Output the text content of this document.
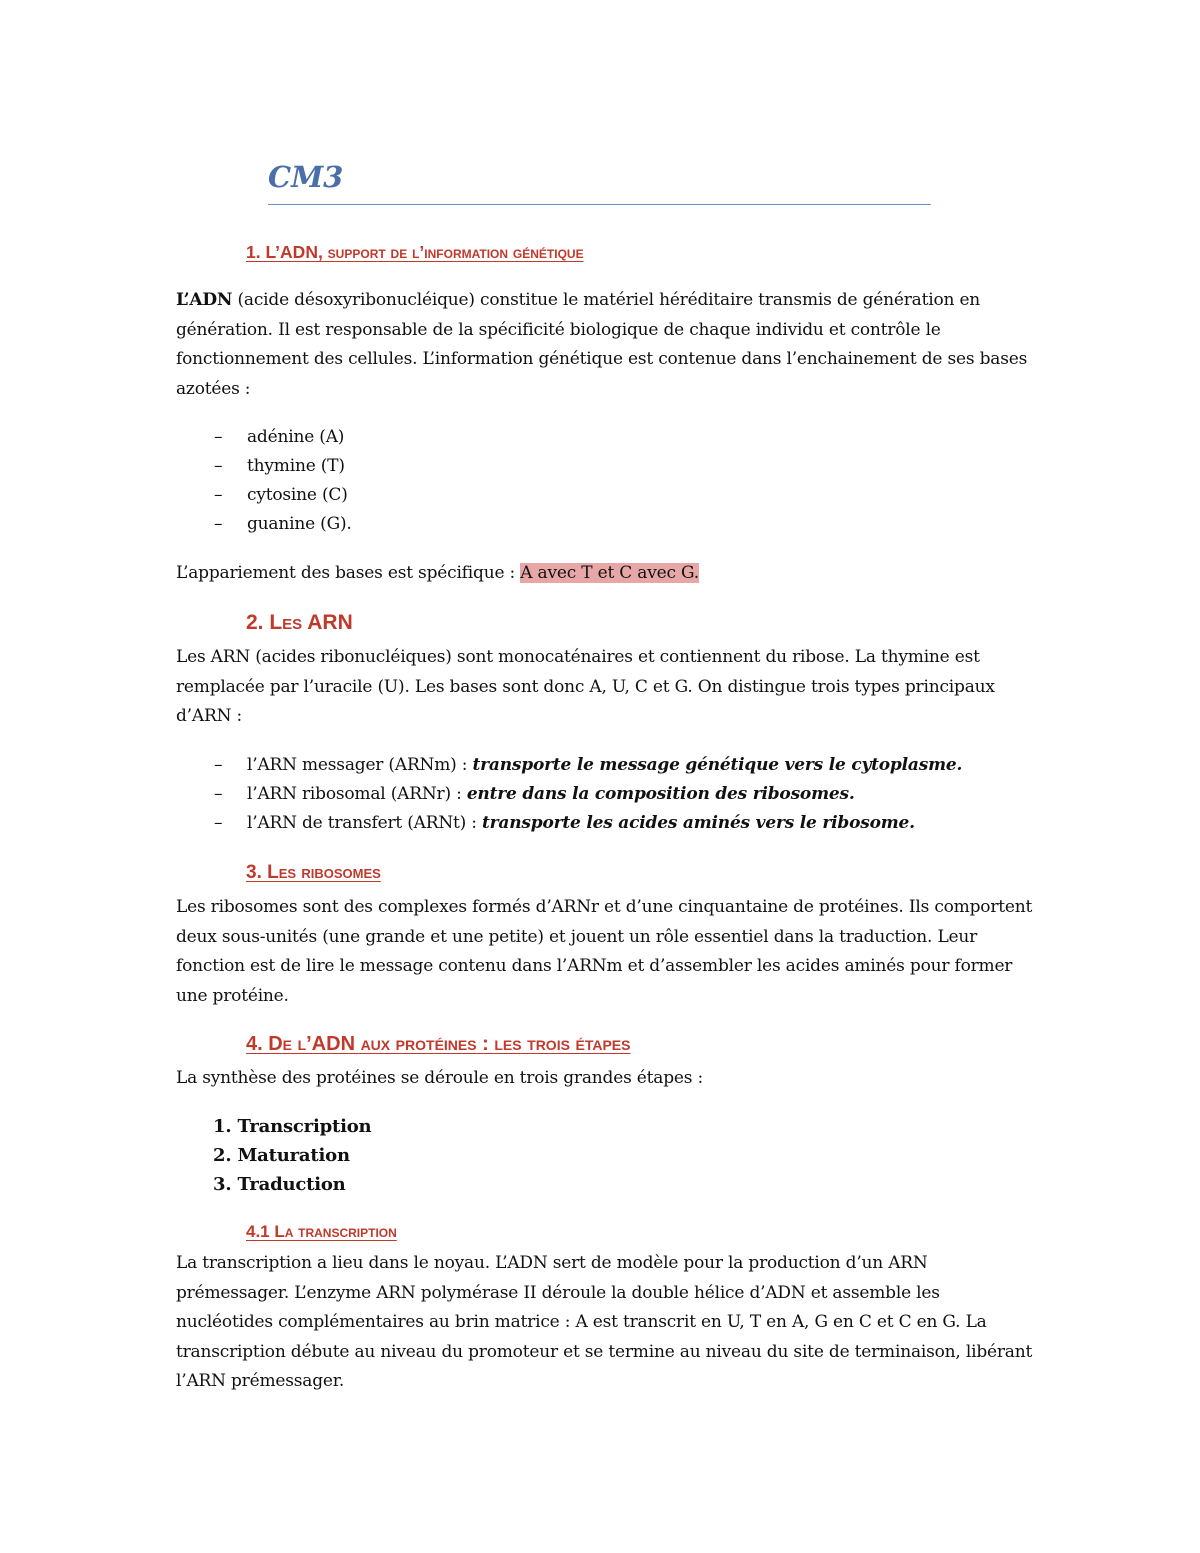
CM3
1. L’ADN, support de l’information génétique

L’ADN (acide désoxyribonucléique) constitue le matériel héréditaire transmis de génération en génération. Il est responsable de la spécificité biologique de chaque individu et contrôle le fonctionnement des cellules. L’information génétique est contenue dans l’enchainement de ses bases azotées :

– adénine (A)
– thymine (T)
– cytosine (C)
– guanine (G).

L’appariement des bases est spécifique : A avec T et C avec G.

2. Les ARN

Les ARN (acides ribonucléiques) sont monocaténaires et contiennent du ribose. La thymine est remplacée par l’uracile (U). Les bases sont donc A, U, C et G. On distingue trois types principaux d’ARN :

– l’ARN messager (ARNm) : transporte le message génétique vers le cytoplasme.
– l’ARN ribosomal (ARNr) : entre dans la composition des ribosomes.
– l’ARN de transfert (ARNt) : transporte les acides aminés vers le ribosome.
3. Les ribosomes

Les ribosomes sont des complexes formés d’ARNr et d’une cinquantaine de protéines. Ils comportent deux sous-unités (une grande et une petite) et jouent un rôle essentiel dans la traduction. Leur fonction est de lire le message contenu dans l’ARNm et d’assembler les acides aminés pour former une protéine.

4. De l’ADN aux protéines : les trois étapes

La synthèse des protéines se déroule en trois grandes étapes :

1. Transcription
2. Maturation
3. Traduction
4.1 La transcription

La transcription a lieu dans le noyau. L’ADN sert de modèle pour la production d’un ARN prémessager. L’enzyme ARN polymérase II déroule la double hélice d’ADN et assemble les nucléotides complémentaires au brin matrice : A est transcrit en U, T en A, G en C et C en G. La transcription débute au niveau du promoteur et se termine au niveau du site de terminaison, libérant l’ARN prémessager.
